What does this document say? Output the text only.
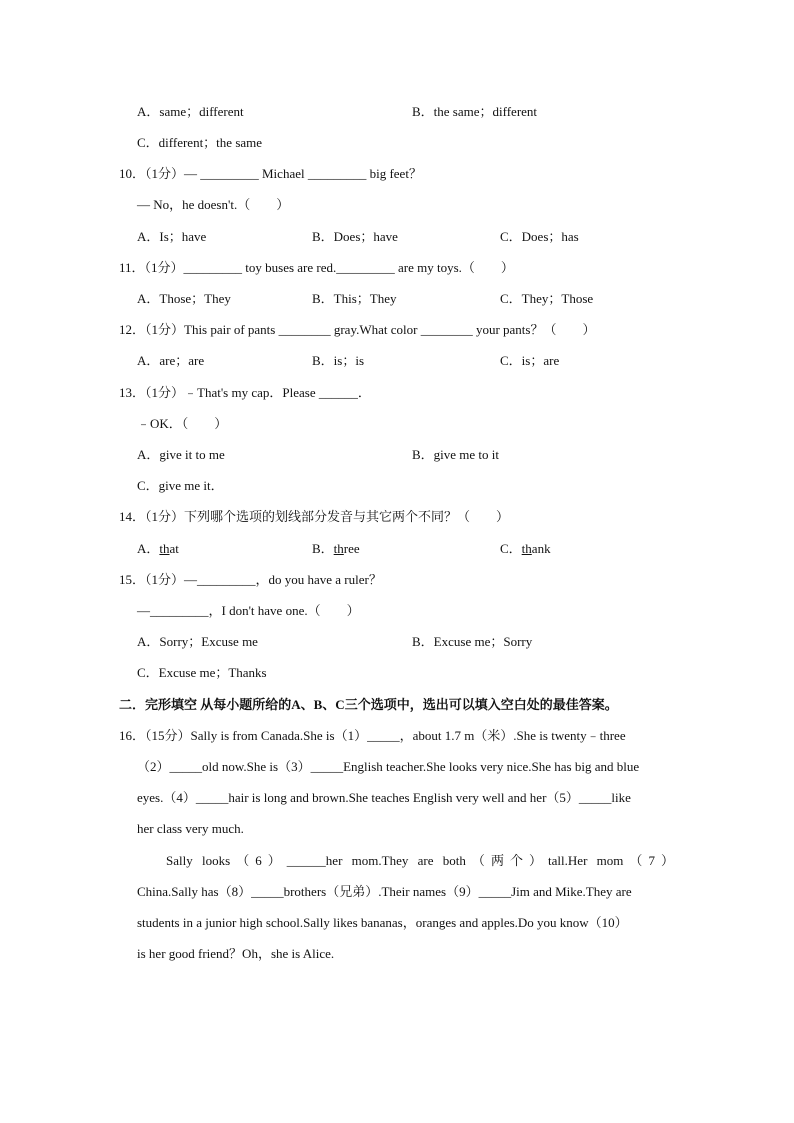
A．same；different	B．the same；different
C．different；the same
10．（1分）— _________ Michael _________ big feet？
— No，he doesn't.（　　）
A．Is；have	B．Does；have	C．Does；has
11．（1分）_________ toy buses are red._________ are my toys.（　　）
A．Those；They	B．This；They	C．They；Those
12．（1分）This pair of pants ________ gray.What color ________ your pants？（　　）
A．are；are	B．is；is	C．is；are
13．（1分）﹣That's my cap．Please ______．
﹣OK．（　　）
A．give it to me	B．give me to it
C．give me it．
14．（1分）下列哪个选项的划线部分发音与其它两个不同？（　　）
A．that	B．three	C．thank
15．（1分）—_________，do you have a ruler？
—_________，I don't have one.（　　）
A．Sorry；Excuse me	B．Excuse me；Sorry
C．Excuse me；Thanks
二．完形填空 从每小题所给的A、B、C三个选项中，选出可以填入空白处的最佳答案。
16．（15分）Sally is from Canada.She is（1）_____，about 1.7 m（米）.She is twenty﹣three
（2）_____old now.She is（3）_____English teacher.She looks very nice.She has big and blue
eyes.（4）_____hair is long and brown.She teaches English very well and her（5）_____like
her class very much.
Sally looks（6）______her mom.They are both（两个）tall.Her mom（7）
China.Sally has（8）_____brothers（兄弟）.Their names（9）_____Jim and Mike.They are
students in a junior high school.Sally likes bananas，oranges and apples.Do you know（10）
is her good friend？Oh，she is Alice.
